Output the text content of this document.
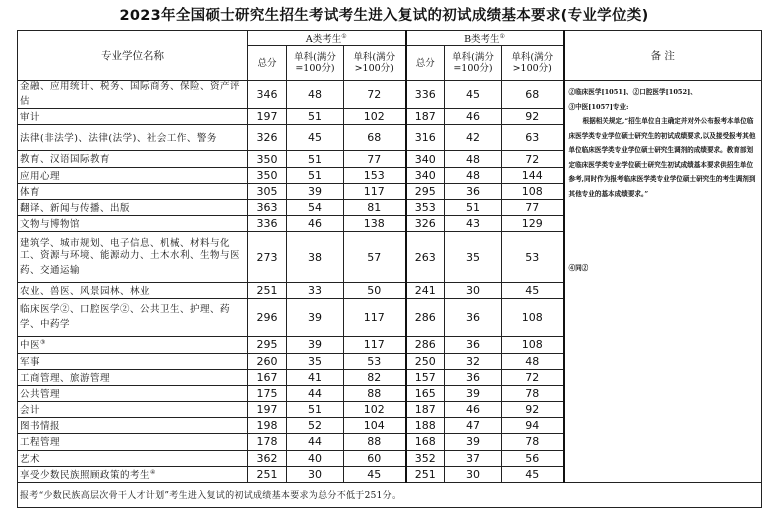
2023年全国硕士研究生招生考试考生进入复试的初试成绩基本要求(专业学位类)
专业学位名称	A类考生①			B类考生①			备 注
	总分	单科(满分=100分)	单科(满分>100分)	总分	单科(满分=100分)	单科(满分>100分)	
金融、应用统计、税务、国际商务、保险、资产评估	346	48	72	336	45	68	②临床医学[1051]、②口腔医学[1052]、

③中医[1057]专业:

根据相关规定,“招生单位自主确定并对外公布报考本单位临床医学类专业学位硕士研究生的初试成绩要求,以及接受报考其他单位临床医学类专业学位硕士研究生调剂的成绩要求。教育部划定临床医学类专业学位硕士研究生初试成绩基本要求供招生单位参考,同时作为报考临床医学类专业学位硕士研究生的考生调剂到其他专业的基本成绩要求。”

④同②

审计	197	51	102	187	46	92	
法律(非法学)、法律(法学)、社会工作、警务	326	45	68	316	42	63	
教育、汉语国际教育	350	51	77	340	48	72	
应用心理	350	51	153	340	48	144	
体育	305	39	117	295	36	108	
翻译、新闻与传播、出版	363	54	81	353	51	77	
文物与博物馆	336	46	138	326	43	129	
建筑学、城市规划、电子信息、机械、材料与化工、资源与环境、能源动力、土木水利、生物与医药、交通运输	273	38	57	263	35	53	
农业、兽医、风景园林、林业	251	33	50	241	30	45	
临床医学②、口腔医学②、公共卫生、护理、药学、中药学	296	39	117	286	36	108	
中医③	295	39	117	286	36	108	
军事	260	35	53	250	32	48	
工商管理、旅游管理	167	41	82	157	36	72	
公共管理	175	44	88	165	39	78	
会计	197	51	102	187	46	92	
图书情报	198	52	104	188	47	94	
工程管理	178	44	88	168	39	78	
艺术	362	40	60	352	37	56	
享受少数民族照顾政策的考生④	251	30	45	251	30	45	
报考“少数民族高层次骨干人才计划”考生进入复试的初试成绩基本要求为总分不低于251分。							
